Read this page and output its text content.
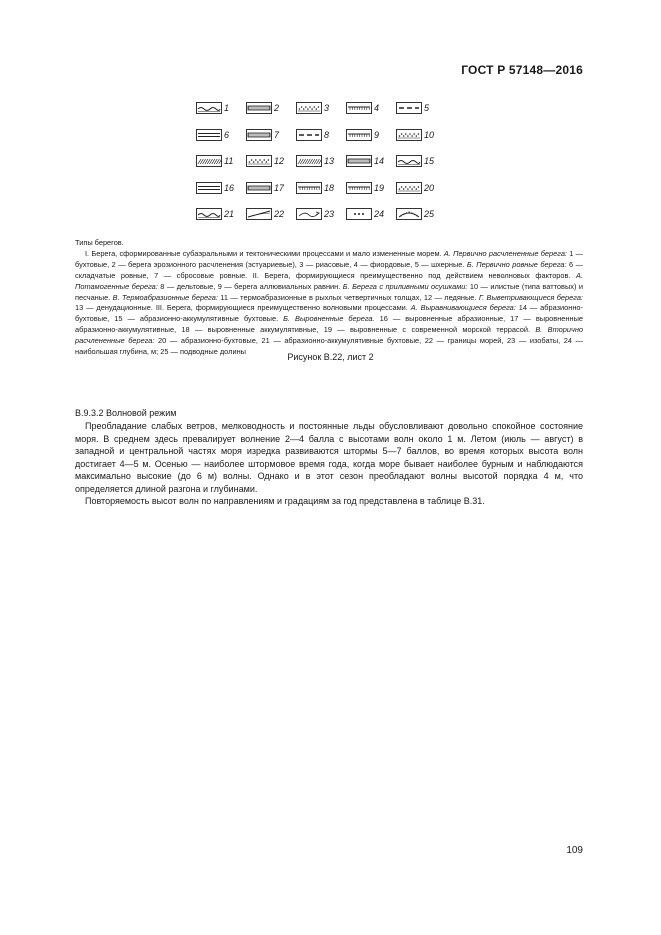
ГОСТ Р 57148—2016
1	2	3	4	5
6	7	8	9	10
11	12	13	14	15
16	17	18	19	20
21	22	23	24	25

Типы берегов.

I. Берега, сформированные субаэральными и тектоническими процессами и мало измененные морем. А. Первично расчлененные берега: 1 — бухтовые, 2 — берега эрозионного расчленения (эстуариевые), 3 — риасовые, 4 — фиордовые, 5 — шхерные. Б. Первично ровные берега: 6 — складчатые ровные, 7 — сбросовые ровные. II. Берега, формирующиеся преимущественно под действием неволновых факторов. А. Потамогенные берега: 8 — дельтовые, 9 — берега аллювиальных равнин. Б. Берега с приливными осушками: 10 — илистые (типа ваттовых) и песчаные. В. Термоабразионные берега: 11 — термоабразионные в рыхлых четвертичных толщах, 12 — ледяные. Г. Выветривающиеся берега: 13 — денудационные. III. Берега, формирующиеся преимущественно волновыми процессами. А. Выравнивающиеся берега: 14 — абразионно-бухтовые, 15 — абразионно-аккумулятивные бухтовые. Б. Выровненные берега. 16 — выровненные абразионные, 17 — выровненные абразионно-аккумулятивные, 18 — выровненные аккумулятивные, 19 — выровненные с современной морской террасой. В. Вторично расчлененные берега: 20 — абразионно-бухтовые, 21 — абразионно-аккумулятивные бухтовые, 22 — границы морей, 23 — изобаты, 24 — наибольшая глубина, м; 25 — подводные долины

Рисунок В.22, лист 2
В.9.3.2 Волновой режим

Преобладание слабых ветров, мелководность и постоянные льды обусловливают довольно спокойное состояние моря. В среднем здесь превалирует волнение 2—4 балла с высотами волн около 1 м. Летом (июль — август) в западной и центральной частях моря изредка развиваются штормы 5—7 баллов, во время которых высота волн достигает 4—5 м. Осенью — наиболее штормовое время года, когда море бывает наиболее бурным и наблюдаются максимально высокие (до 6 м) волны. Однако и в этот сезон преобладают волны высотой порядка 4 м, что определяется длиной разгона и глубинами.

Повторяемость высот волн по направлениям и градациям за год представлена в таблице В.31.

109
